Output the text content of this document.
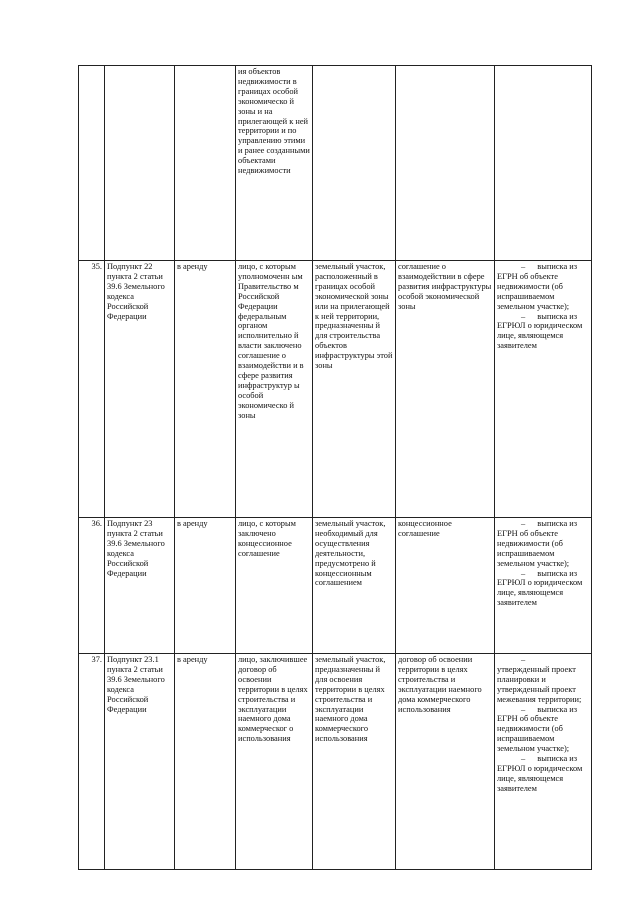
			ия объектов недвижимости в границах особой экономическо й зоны и на прилегающей к ней территории и по управлению этими и ранее созданными объектами недвижимости			
35.	Подпункт 22 пункта 2 статьи 39.6 Земельного кодекса Российской Федерации	в аренду	лицо, с которым уполномоченн ым Правительство м Российской Федерации федеральным органом исполнительно й власти заключено соглашение о взаимодействи и в сфере развития инфраструктур ы особой экономическо й зоны	земельный участок, расположенный в границах особой экономической зоны или на прилегающей к ней территории, предназначенны й для строительства объектов инфраструктуры этой зоны	соглашение о взаимодействии в сфере развития инфраструктуры особой экономической зоны	– выписка из ЕГРН об объекте недвижимости (об испрашиваемом земельном участке);
– выписка из ЕГРЮЛ о юридическом лице, являющемся заявителем

36.	Подпункт 23 пункта 2 статьи 39.6 Земельного кодекса Российской Федерации	в аренду	лицо, с которым заключено концессионное соглашение	земельный участок, необходимый для осуществления деятельности, предусмотрено й концессионным соглашением	концессионное соглашение	– выписка из ЕГРН об объекте недвижимости (об испрашиваемом земельном участке);
– выписка из ЕГРЮЛ о юридическом лице, являющемся заявителем

37.	Подпункт 23.1 пункта 2 статьи 39.6 Земельного кодекса Российской Федерации	в аренду	лицо, заключившее договор об освоении территории в целях строительства и эксплуатации наемного дома коммерческог о использования	земельный участок, предназначенны й для освоения территории в целях строительства и эксплуатации наемного дома коммерческого использования	договор об освоении территории в целях строительства и эксплуатации наемного дома коммерческого использования	– утвержденный проект планировки и утвержденный проект межевания территории;
– выписка из ЕГРН об объекте недвижимости (об испрашиваемом земельном участке);
– выписка из ЕГРЮЛ о юридическом лице, являющемся заявителем
